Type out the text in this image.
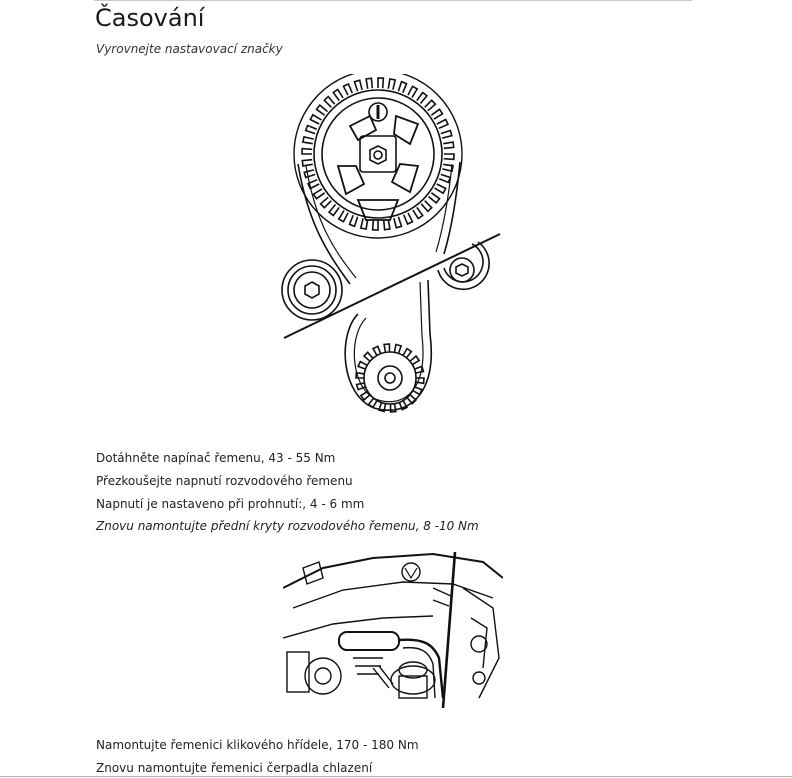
Časování
Vyrovnejte nastavovací značky
Dotáhněte napínač řemenu, 43 - 55 Nm
Přezkoušejte napnutí rozvodového řemenu
Napnutí je nastaveno při prohnutí:, 4 - 6 mm
Znovu namontujte přední kryty rozvodového řemenu, 8 -10 Nm
Namontujte řemenici klikového hřídele, 170 - 180 Nm
Znovu namontujte řemenici čerpadla chlazení
